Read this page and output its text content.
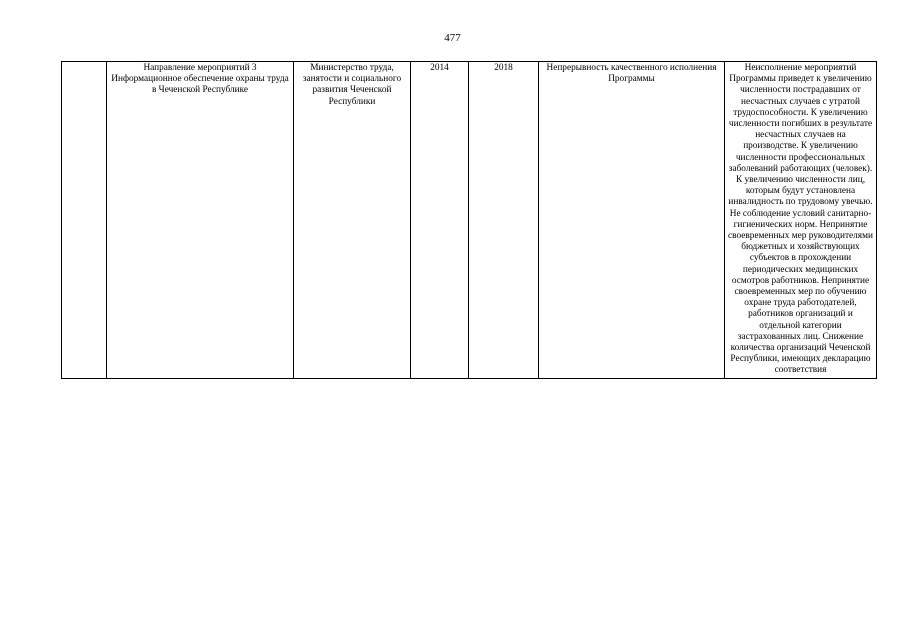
477
	Направление мероприятий 3 Информационное обеспечение охраны труда в Чеченской Республике	Министерство труда, занятости и социального развития Чеченской Республики	2014	2018	Непрерывность качественного исполнения Программы	Неисполнение мероприятий Программы приведет к увеличению численности пострадавших от несчастных случаев с утратой трудоспособности. К увеличению численности погибших в результате несчастных случаев на производстве. К увеличению численности профессиональных заболеваний работающих (человек). К увеличению численности лиц, которым будут установлена инвалидность по трудовому увечью. Не соблюдение условий санитарно-гигиенических норм. Непринятие своевременных мер руководителями бюджетных и хозяйствующих субъектов в прохождении периодических медицинских осмотров работников. Непринятие своевременных мер по обучению охране труда работодателей, работников организаций и отдельной категории застрахованных лиц. Снижение количества организаций Чеченской Республики, имеющих декларацию соответствия
